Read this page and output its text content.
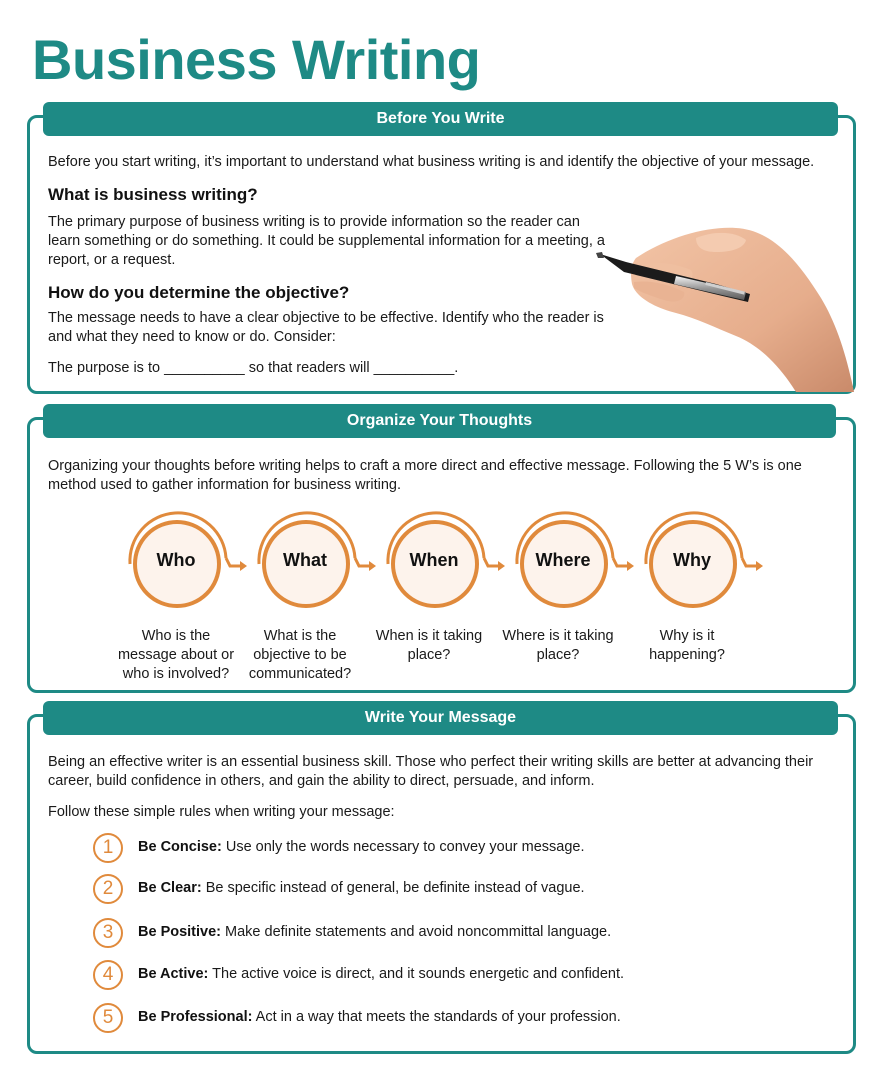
Business Writing
Before You Write
Before you start writing, it’s important to understand what business writing is and identify the objective of your message.
What is business writing?
The primary purpose of business writing is to provide information so the reader can learn something or do something. It could be supplemental information for a meeting, a report, or a request.
How do you determine the objective?
The message needs to have a clear objective to be effective. Identify who the reader is and what they need to know or do. Consider:
The purpose is to __________ so that readers will __________.
Organize Your Thoughts
Organizing your thoughts before writing helps to craft a more direct and effective message. Following the 5 W’s is one method used to gather information for business writing.
Who
Who is the message about or who is involved?
What
What is the objective to be communicated?
When
When is it taking place?
Where
Where is it taking place?
Why
Why is it happening?
Write Your Message
Being an effective writer is an essential business skill. Those who perfect their writing skills are better at advancing their career, build confidence in others, and gain the ability to direct, persuade, and inform.
Follow these simple rules when writing your message:
1	Be Concise: Use only the words necessary to convey your message.
2	Be Clear: Be specific instead of general, be definite instead of vague.
3	Be Positive: Make definite statements and avoid noncommittal language.
4	Be Active: The active voice is direct, and it sounds energetic and confident.
5	Be Professional: Act in a way that meets the standards of your profession.
